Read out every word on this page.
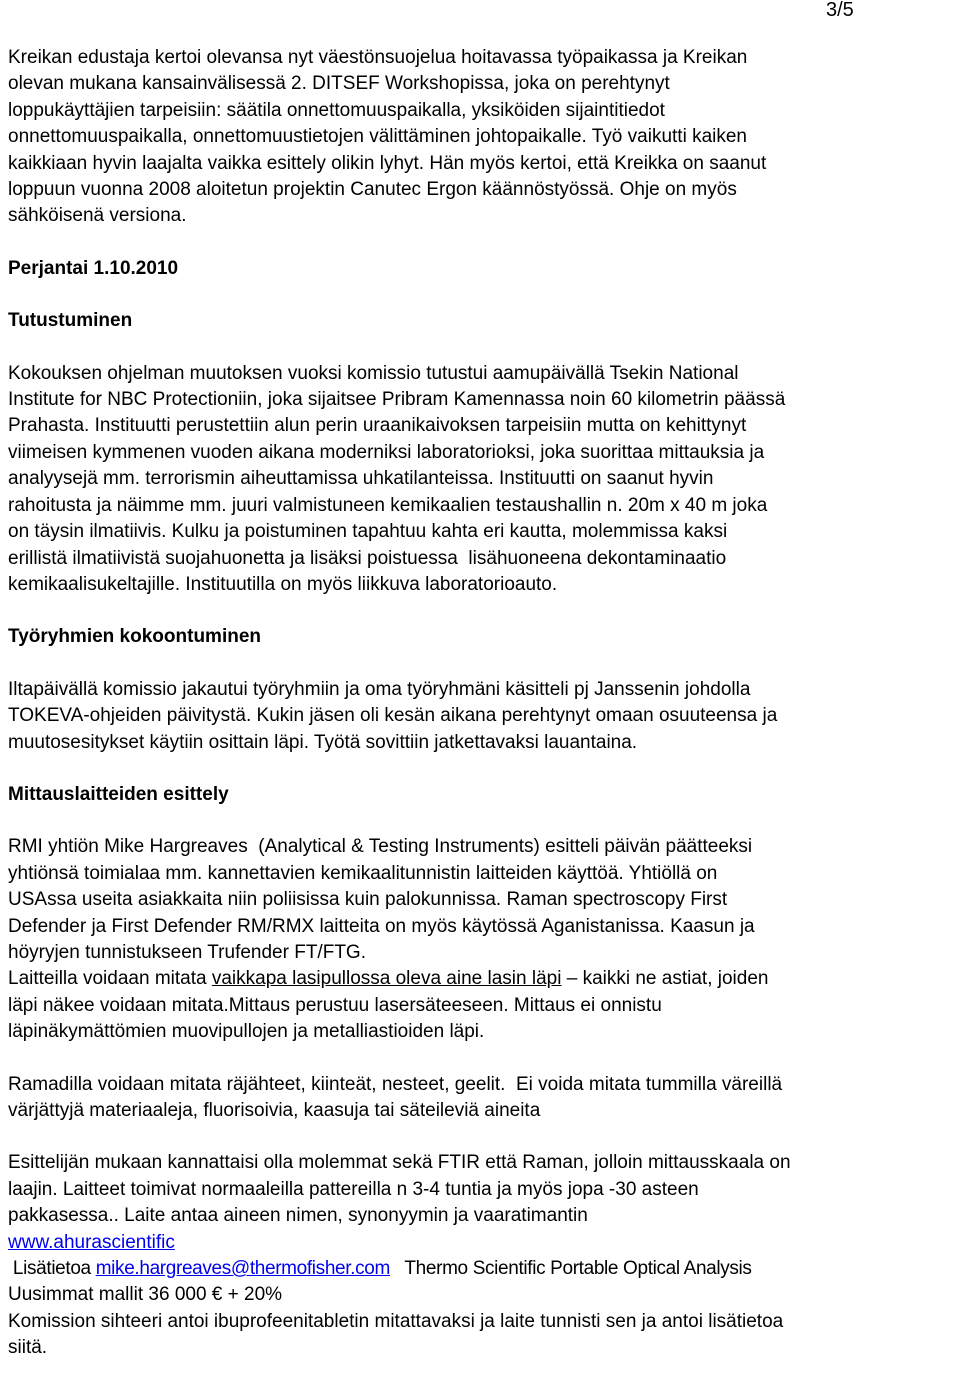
3/5

Kreikan edustaja kertoi olevansa nyt väestönsuojelua hoitavassa työpaikassa ja Kreikan

olevan mukana kansainvälisessä 2. DITSEF Workshopissa, joka on perehtynyt

loppukäyttäjien tarpeisiin: säätila onnettomuuspaikalla, yksiköiden sijaintitiedot

onnettomuuspaikalla, onnettomuustietojen välittäminen johtopaikalle. Työ vaikutti kaiken

kaikkiaan hyvin laajalta vaikka esittely olikin lyhyt. Hän myös kertoi, että Kreikka on saanut

loppuun vuonna 2008 aloitetun projektin Canutec Ergon käännöstyössä. Ohje on myös

sähköisenä versiona.

Perjantai 1.10.2010

Tutustuminen

Kokouksen ohjelman muutoksen vuoksi komissio tutustui aamupäivällä Tsekin National

Institute for NBC Protectioniin, joka sijaitsee Pribram Kamennassa noin 60 kilometrin päässä

Prahasta. Instituutti perustettiin alun perin uraanikaivoksen tarpeisiin mutta on kehittynyt

viimeisen kymmenen vuoden aikana moderniksi laboratorioksi, joka suorittaa mittauksia ja

analyysejä mm. terrorismin aiheuttamissa uhkatilanteissa. Instituutti on saanut hyvin

rahoitusta ja näimme mm. juuri valmistuneen kemikaalien testaushallin n. 20m x 40 m joka

on täysin ilmatiivis. Kulku ja poistuminen tapahtuu kahta eri kautta, molemmissa kaksi

erillistä ilmatiivistä suojahuonetta ja lisäksi poistuessa  lisähuoneena dekontaminaatio

kemikaalisukeltajille. Instituutilla on myös liikkuva laboratorioauto.

Työryhmien kokoontuminen

Iltapäivällä komissio jakautui työryhmiin ja oma työryhmäni käsitteli pj Janssenin johdolla

TOKEVA-ohjeiden päivitystä. Kukin jäsen oli kesän aikana perehtynyt omaan osuuteensa ja

muutosesitykset käytiin osittain läpi. Työtä sovittiin jatkettavaksi lauantaina.

Mittauslaitteiden esittely

RMI yhtiön Mike Hargreaves  (Analytical & Testing Instruments) esitteli päivän päätteeksi

yhtiönsä toimialaa mm. kannettavien kemikaalitunnistin laitteiden käyttöä. Yhtiöllä on

USAssa useita asiakkaita niin poliisissa kuin palokunnissa. Raman spectroscopy First

Defender ja First Defender RM/RMX laitteita on myös käytössä Aganistanissa. Kaasun ja

höyryjen tunnistukseen Trufender FT/FTG.

Laitteilla voidaan mitata vaikkapa lasipullossa oleva aine lasin läpi – kaikki ne astiat, joiden

läpi näkee voidaan mitata.Mittaus perustuu lasersäteeseen. Mittaus ei onnistu

läpinäkymättömien muovipullojen ja metalliastioiden läpi.

Ramadilla voidaan mitata räjähteet, kiinteät, nesteet, geelit.  Ei voida mitata tummilla väreillä

värjättyjä materiaaleja, fluorisoivia, kaasuja tai säteileviä aineita

Esittelijän mukaan kannattaisi olla molemmat sekä FTIR että Raman, jolloin mittausskaala on

laajin. Laitteet toimivat normaaleilla pattereilla n 3-4 tuntia ja myös jopa -30 asteen

pakkasessa.. Laite antaa aineen nimen, synonyymin ja vaaratimantin

www.ahurascientific

Lisätietoa mike.hargreaves@thermofisher.com   Thermo Scientific Portable Optical Analysis

Uusimmat mallit 36 000 € + 20%

Komission sihteeri antoi ibuprofeenitabletin mitattavaksi ja laite tunnisti sen ja antoi lisätietoa

siitä.
